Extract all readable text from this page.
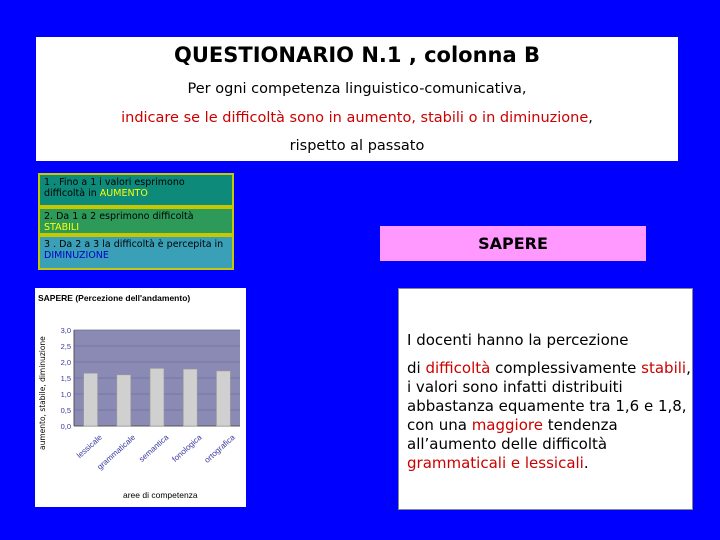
QUESTIONARIO N.1 , colonna B
Per ogni competenza linguistico-comunicativa,
indicare se le difficoltà sono in aumento, stabili o in diminuzione,
rispetto al passato
1 . Fino a 1 i valori esprimono difficoltà in AUMENTO
2. Da 1 a 2 esprimono difficoltà STABILI
3 . Da 2 a 3 la difficoltà è percepita in DIMINUZIONE
SAPERE
SAPERE (Percezione dell'andamento)
aumento, stabile, diminuzione
aree di competenza
0,0
0,5
1,0
1,5
2,0
2,5
3,0
lessicale
grammaticale semantica fonologica ortografica
I docenti hanno la percezione
di difficoltà complessivamente stabili, i valori sono infatti distribuiti abbastanza equamente tra 1,6 e 1,8, con una maggiore tendenza all’aumento delle difficoltà grammaticali e lessicali.
